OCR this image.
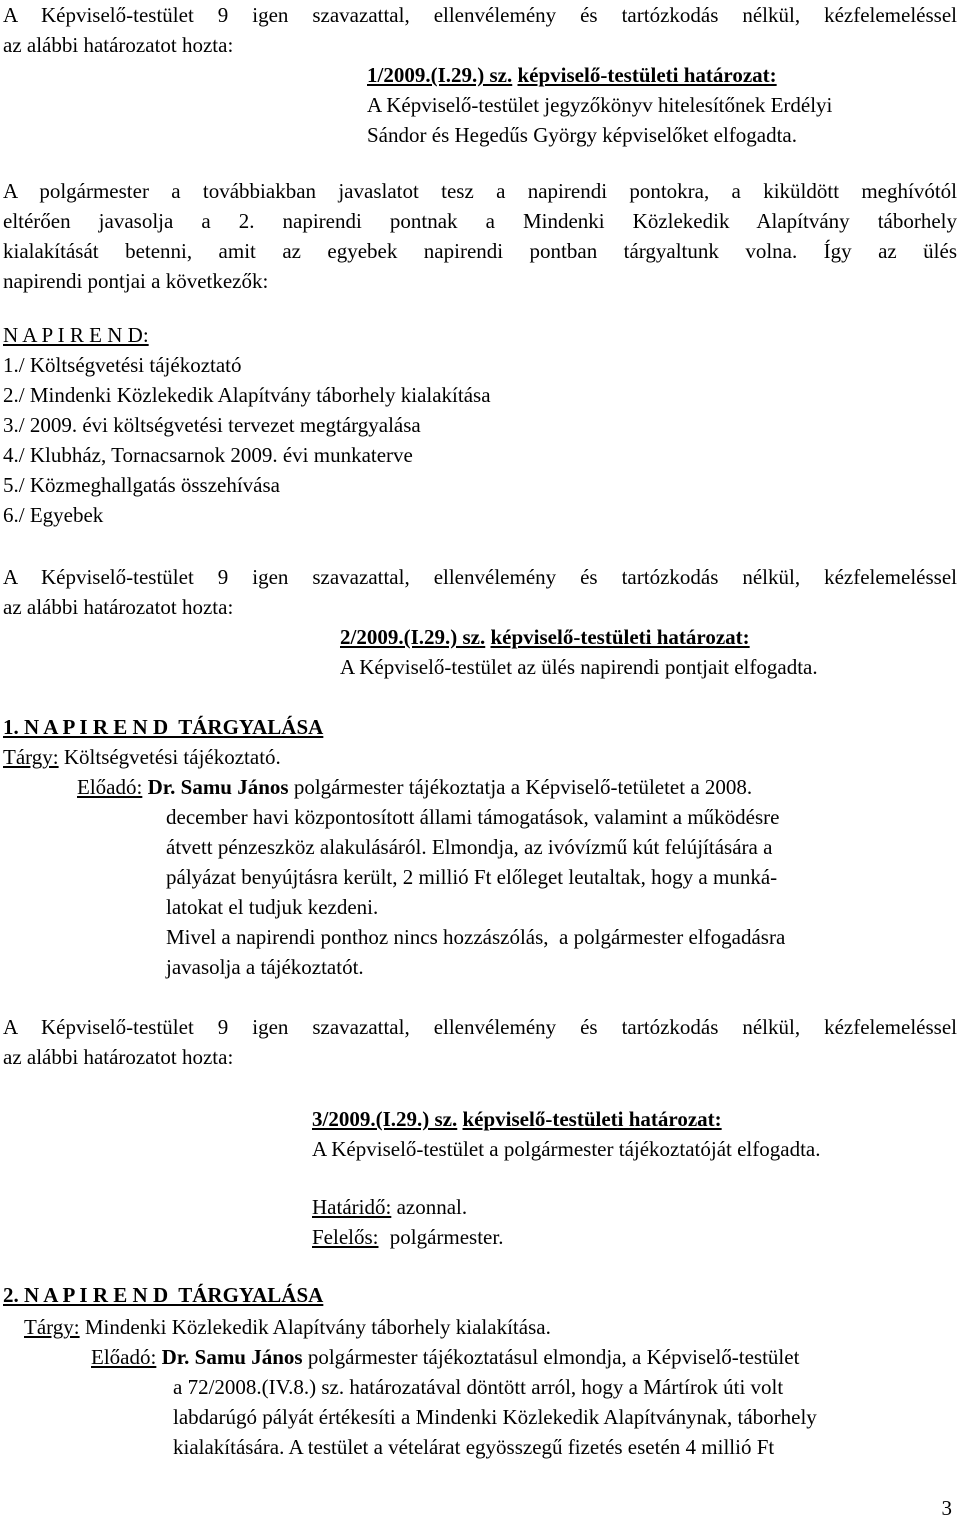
A Képviselő-testület 9 igen szavazattal, ellenvélemény és tartózkodás nélkül, kézfelemeléssel
az alábbi határozatot hozta:
1/2009.(I.29.) sz. képviselő-testületi határozat:
A Képviselő-testület jegyzőkönyv hitelesítőnek Erdélyi
Sándor és Hegedűs György képviselőket elfogadta.
A polgármester a továbbiakban javaslatot tesz a napirendi pontokra, a kiküldött meghívótól
eltérően javasolja a 2. napirendi pontnak a Mindenki Közlekedik Alapítvány táborhely
kialakítását betenni, amit az egyebek napirendi pontban tárgyaltunk volna. Így az ülés
napirendi pontjai a következők:
N A P I R E N D:
1./ Költségvetési tájékoztató
2./ Mindenki Közlekedik Alapítvány táborhely kialakítása
3./ 2009. évi költségvetési tervezet megtárgyalása
4./ Klubház, Tornacsarnok 2009. évi munkaterve
5./ Közmeghallgatás összehívása
6./ Egyebek
A Képviselő-testület 9 igen szavazattal, ellenvélemény és tartózkodás nélkül, kézfelemeléssel
az alábbi határozatot hozta:
2/2009.(I.29.) sz. képviselő-testületi határozat:
A Képviselő-testület az ülés napirendi pontjait elfogadta.
1. N A P I R E N D  TÁRGYALÁSA
Tárgy: Költségvetési tájékoztató.
Előadó: Dr. Samu János polgármester tájékoztatja a Képviselő-tetületet a 2008.
december havi központosított állami támogatások, valamint a működésre
átvett pénzeszköz alakulásáról. Elmondja, az ivóvízmű kút felújítására a
pályázat benyújtásra került, 2 millió Ft előleget leutaltak, hogy a munká-
latokat el tudjuk kezdeni.
Mivel a napirendi ponthoz nincs hozzászólás,  a polgármester elfogadásra
javasolja a tájékoztatót.
A Képviselő-testület 9 igen szavazattal, ellenvélemény és tartózkodás nélkül, kézfelemeléssel
az alábbi határozatot hozta:
3/2009.(I.29.) sz. képviselő-testületi határozat:
A Képviselő-testület a polgármester tájékoztatóját elfogadta.
Határidő: azonnal.
Felelős: polgármester.
2. N A P I R E N D  TÁRGYALÁSA
Tárgy: Mindenki Közlekedik Alapítvány táborhely kialakítása.
Előadó: Dr. Samu János polgármester tájékoztatásul elmondja, a Képviselő-testület
a 72/2008.(IV.8.) sz. határozatával döntött arról, hogy a Mártírok úti volt
labdarúgó pályát értékesíti a Mindenki Közlekedik Alapítványnak, táborhely
kialakítására. A testület a vételárat egyösszegű fizetés esetén 4 millió Ft
3
